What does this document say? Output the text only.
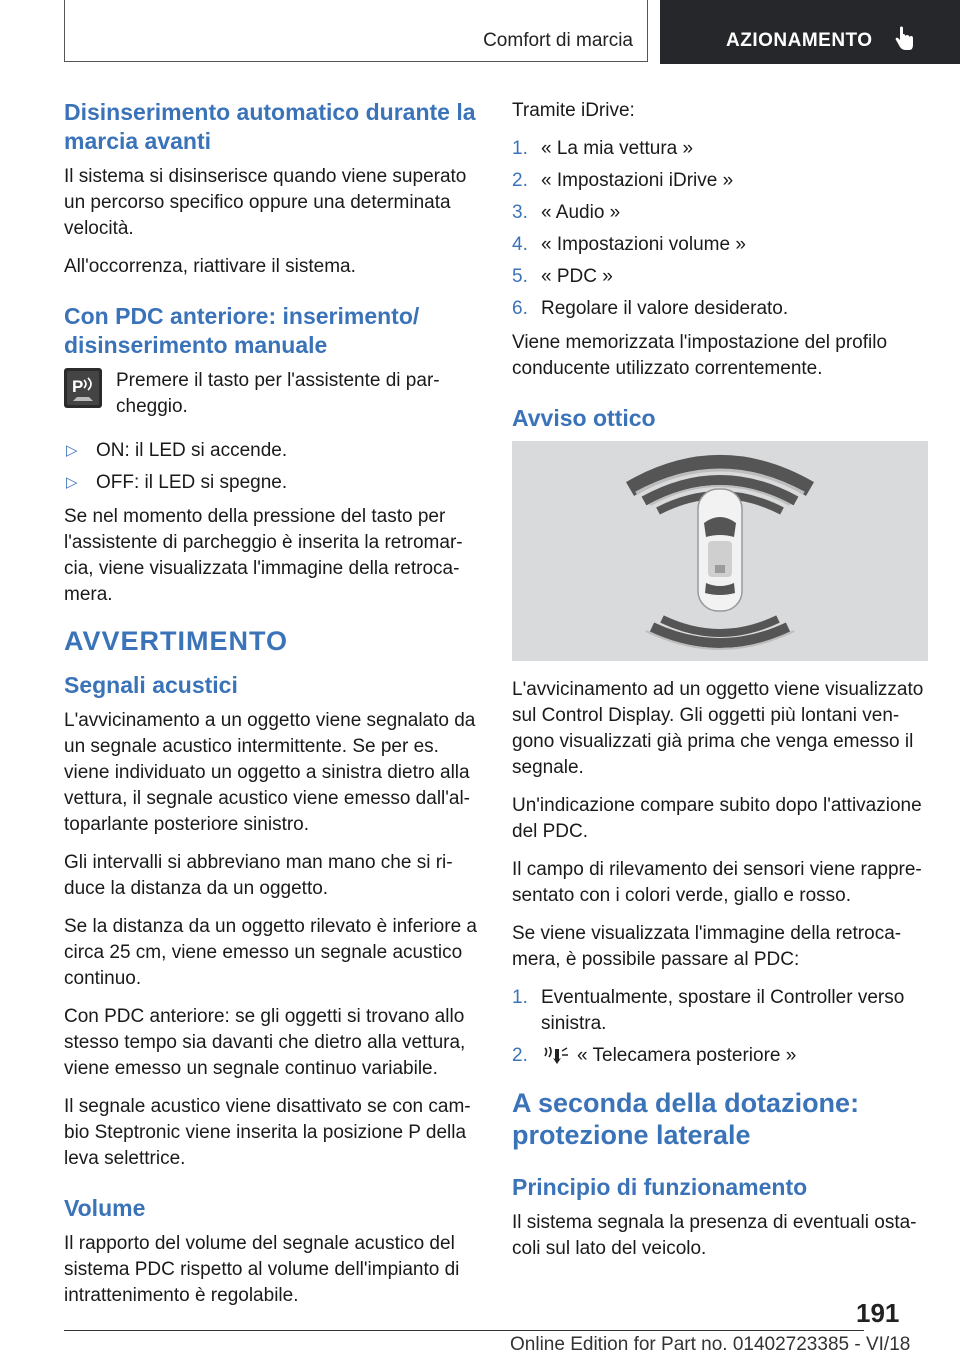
Comfort di marcia	AZIONAMENTO
Disinserimento automatico durante la marcia avanti

Il sistema si disinserisce quando viene superato un percorso specifico oppure una determinata velocità.

All'occorrenza, riattivare il sistema.

Con PDC anteriore: inserimento/ disinserimento manuale
P Premere il tasto per l'assistente di par-cheggio.

▷ ON: il LED si accende.
▷ OFF: il LED si spegne.

Se nel momento della pressione del tasto per l'assistente di parcheggio è inserita la retromar-cia, viene visualizzata l'immagine della retroca-mera.

AVVERTIMENTO
Segnali acustici

L'avvicinamento a un oggetto viene segnalato da un segnale acustico intermittente. Se per es. viene individuato un oggetto a sinistra dietro alla vettura, il segnale acustico viene emesso dall'al-toparlante posteriore sinistro.

Gli intervalli si abbreviano man mano che si ri-duce la distanza da un oggetto.

Se la distanza da un oggetto rilevato è inferiore a circa 25 cm, viene emesso un segnale acustico continuo.

Con PDC anteriore: se gli oggetti si trovano allo stesso tempo sia davanti che dietro alla vettura, viene emesso un segnale continuo variabile.

Il segnale acustico viene disattivato se con cam-bio Steptronic viene inserita la posizione P della leva selettrice.

Volume

Il rapporto del volume del segnale acustico del sistema PDC rispetto al volume dell'impianto di intrattenimento è regolabile.

Tramite iDrive:

1. « La mia vettura »
2. « Impostazioni iDrive »
3. « Audio »
4. « Impostazioni volume »
5. « PDC »
6. Regolare il valore desiderato.

Viene memorizzata l'impostazione del profilo conducente utilizzato correntemente.

Avviso ottico

L'avvicinamento ad un oggetto viene visualizzato sul Control Display. Gli oggetti più lontani ven-gono visualizzati già prima che venga emesso il segnale.

Un'indicazione compare subito dopo l'attivazione del PDC.

Il campo di rilevamento dei sensori viene rappre-sentato con i colori verde, giallo e rosso.

Se viene visualizzata l'immagine della retroca-mera, è possibile passare al PDC:

1. Eventualmente, spostare il Controller verso sinistra.
2.	« Telecamera posteriore »
A seconda della dotazione: protezione laterale
Principio di funzionamento

Il sistema segnala la presenza di eventuali osta-coli sul lato del veicolo.

191
Online Edition for Part no. 01402723385 - VI/18
